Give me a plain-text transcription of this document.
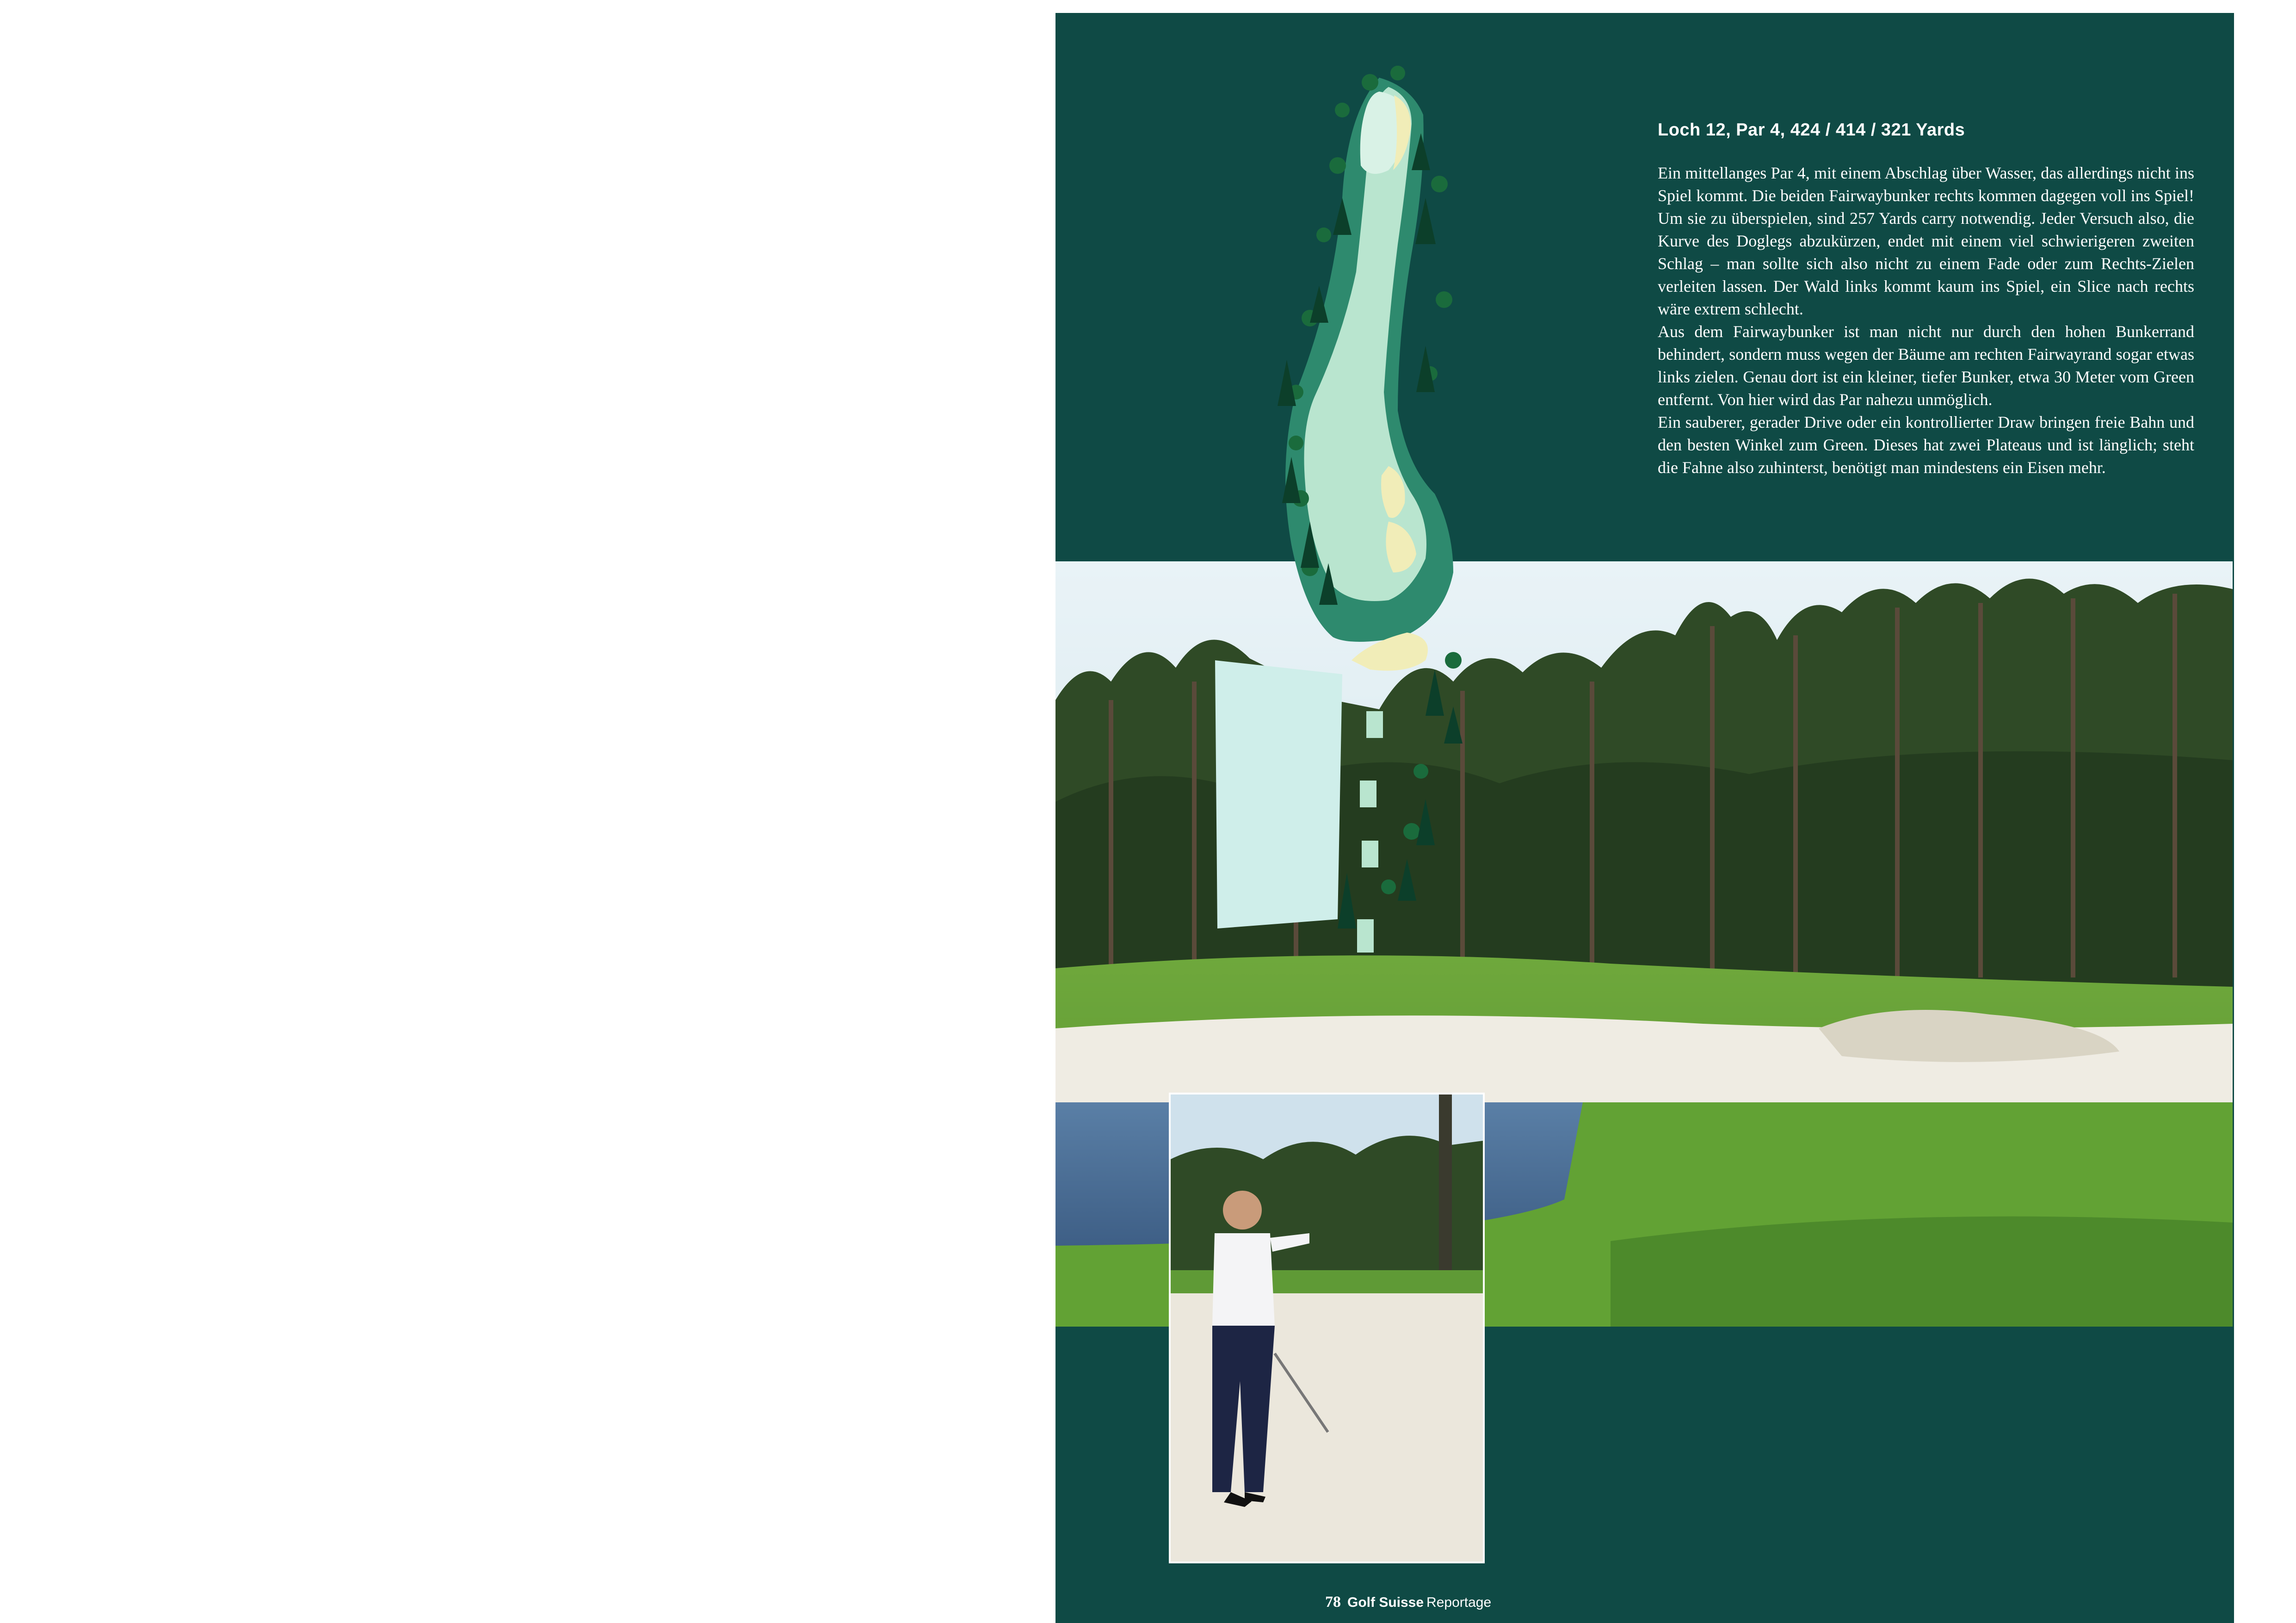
Loch 12, Par 4, 424 / 414 / 321 Yards

Ein mittellanges Par 4, mit einem Abschlag über Wasser, das allerdings nicht ins Spiel kommt. Die beiden Fairwaybunker rechts kommen dagegen voll ins Spiel! Um sie zu überspielen, sind 257 Yards carry notwendig. Jeder Versuch also, die Kurve des Doglegs abzukürzen, endet mit einem viel schwierigeren zweiten Schlag – man sollte sich also nicht zu einem Fade oder zum Rechts-Zielen verleiten lassen. Der Wald links kommt kaum ins Spiel, ein Slice nach rechts wäre extrem schlecht.

Aus dem Fairwaybunker ist man nicht nur durch den hohen Bunkerrand behindert, sondern muss wegen der Bäume am rechten Fairwayrand sogar etwas links zielen. Genau dort ist ein kleiner, tiefer Bunker, etwa 30 Meter vom Green entfernt. Von hier wird das Par nahezu unmöglich.

Ein sauberer, gerader Drive oder ein kontrollierter Draw bringen freie Bahn und den besten Winkel zum Green. Dieses hat zwei Plateaus und ist länglich; steht die Fahne also zuhinterst, benötigt man mindestens ein Eisen mehr.

78 Golf Suisse Reportage
